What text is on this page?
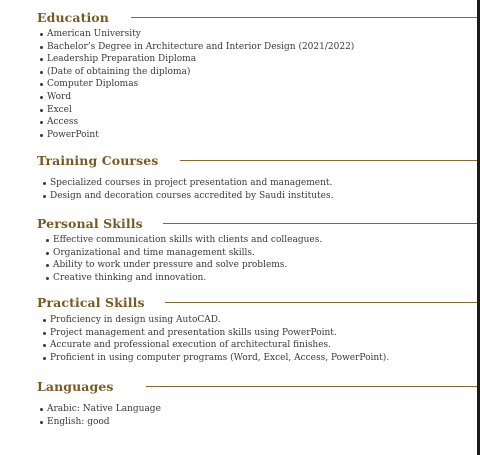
Education
American University
Bachelor’s Degree in Architecture and Interior Design (2021/2022)
Leadership Preparation Diploma
(Date of obtaining the diploma)
Computer Diplomas
Word
Excel
Access
PowerPoint
Training Courses
Specialized courses in project presentation and management.
Design and decoration courses accredited by Saudi institutes.
Personal Skills
Effective communication skills with clients and colleagues.
Organizational and time management skills.
Ability to work under pressure and solve problems.
Creative thinking and innovation.
Practical Skills
Proficiency in design using AutoCAD.
Project management and presentation skills using PowerPoint.
Accurate and professional execution of architectural finishes.
Proficient in using computer programs (Word, Excel, Access, PowerPoint).
Languages
Arabic: Native Language
English: good
